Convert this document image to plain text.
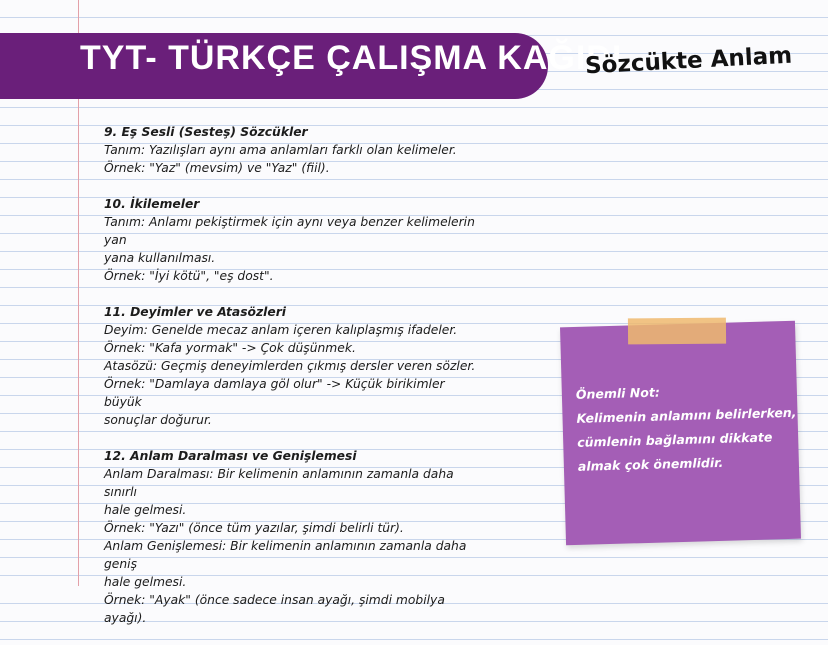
TYT- TÜRKÇE ÇALIŞMA KAĞIDI
Sözcükte Anlam
9. Eş Sesli (Sesteş) Sözcükler
Tanım: Yazılışları aynı ama anlamları farklı olan kelimeler.
Örnek: "Yaz" (mevsim) ve "Yaz" (fiil).
10. İkilemeler
Tanım: Anlamı pekiştirmek için aynı veya benzer kelimelerin yan
yana kullanılması.
Örnek: "İyi kötü", "eş dost".
11. Deyimler ve Atasözleri
Deyim: Genelde mecaz anlam içeren kalıplaşmış ifadeler.
Örnek: "Kafa yormak" -> Çok düşünmek.
Atasözü: Geçmiş deneyimlerden çıkmış dersler veren sözler.
Örnek: "Damlaya damlaya göl olur" -> Küçük birikimler büyük
sonuçlar doğurur.
12. Anlam Daralması ve Genişlemesi
Anlam Daralması: Bir kelimenin anlamının zamanla daha sınırlı
hale gelmesi.
Örnek: "Yazı" (önce tüm yazılar, şimdi belirli tür).
Anlam Genişlemesi: Bir kelimenin anlamının zamanla daha geniş
hale gelmesi.
Örnek: "Ayak" (önce sadece insan ayağı, şimdi mobilya ayağı).
Önemli Not:
Kelimenin anlamını belirlerken,
cümlenin bağlamını dikkate
almak çok önemlidir.
